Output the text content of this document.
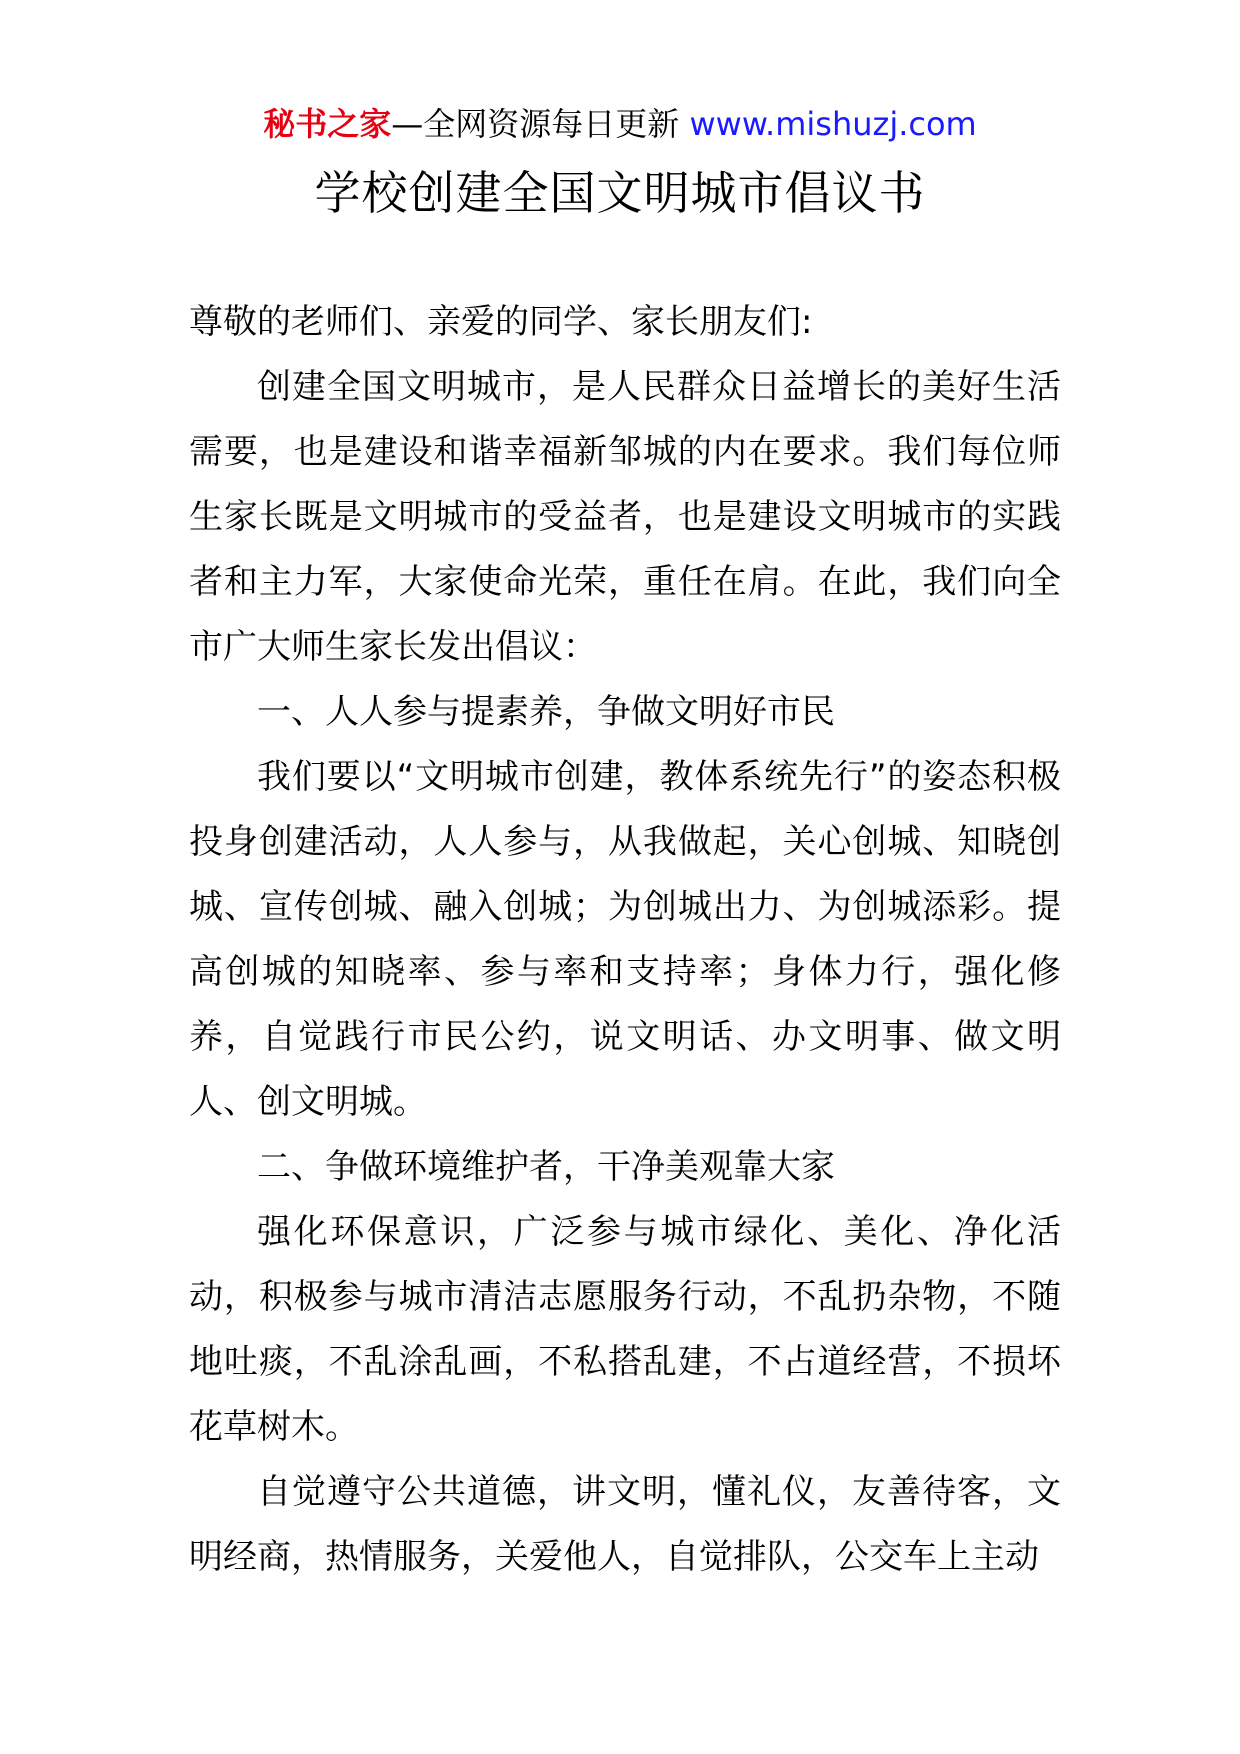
秘书之家—全网资源每日更新 www.mishuzj.com
学校创建全国文明城市倡议书

尊敬的老师们、亲爱的同学、家长朋友们:

创建全国文明城市，是人民群众日益增长的美好生活需要，也是建设和谐幸福新邹城的内在要求。我们每位师生家长既是文明城市的受益者，也是建设文明城市的实践者和主力军，大家使命光荣，重任在肩。在此，我们向全市广大师生家长发出倡议：

一、人人参与提素养，争做文明好市民

我们要以“文明城市创建，教体系统先行”的姿态积极投身创建活动，人人参与，从我做起，关心创城、知晓创城、宣传创城、融入创城；为创城出力、为创城添彩。提高创城的知晓率、参与率和支持率；身体力行，强化修养，自觉践行市民公约，说文明话、办文明事、做文明人、创文明城。

二、争做环境维护者，干净美观靠大家

强化环保意识，广泛参与城市绿化、美化、净化活动，积极参与城市清洁志愿服务行动，不乱扔杂物，不随地吐痰，不乱涂乱画，不私搭乱建，不占道经营，不损坏花草树木。

自觉遵守公共道德，讲文明，懂礼仪，友善待客，文明经商，热情服务，关爱他人，自觉排队，公交车上主动
